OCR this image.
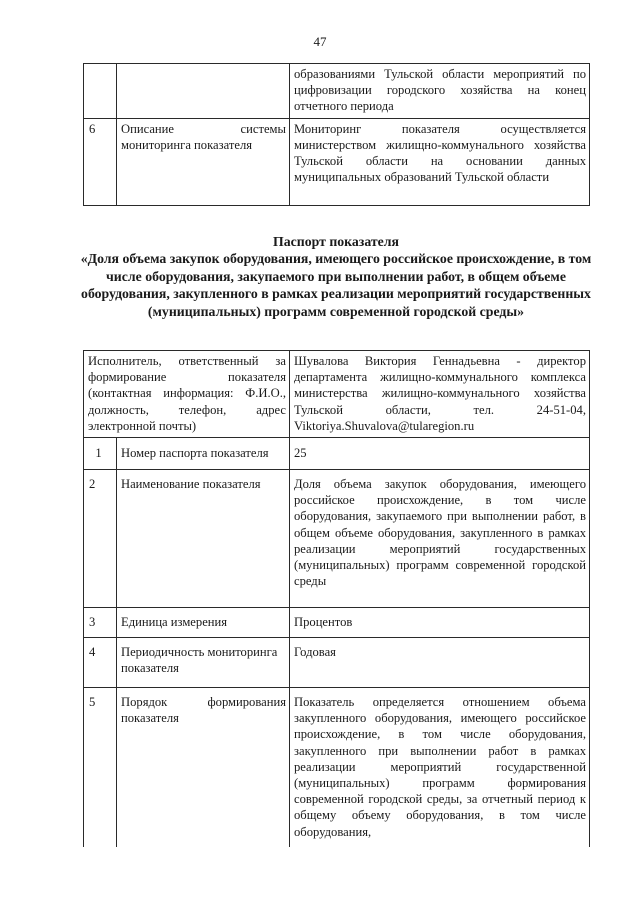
47
		образованиями Тульской области мероприятий по цифровизации городского хозяйства на конец отчетного периода
6	Описание системы мониторинга показателя	Мониторинг показателя осуществляется министерством жилищно-коммунального хозяйства Тульской области на основании данных муниципальных образований Тульской области
Паспорт показателя
«Доля объема закупок оборудования, имеющего российское происхождение, в том числе оборудования, закупаемого при выполнении работ, в общем объеме оборудования, закупленного в рамках реализации мероприятий государственных (муниципальных) программ современной городской среды»
Исполнитель, ответственный за формирование показателя (контактная информация: Ф.И.О., должность, телефон, адрес электронной почты)		Шувалова Виктория Геннадьевна - директор департамента жилищно-коммунального комплекса министерства жилищно-коммунального хозяйства Тульской области, тел. 24-51-04, Viktoriya.Shuvalova@tularegion.ru
1	Номер паспорта показателя	25
2	Наименование показателя	Доля объема закупок оборудования, имеющего российское происхождение, в том числе оборудования, закупаемого при выполнении работ, в общем объеме оборудования, закупленного в рамках реализации мероприятий государственных (муниципальных) программ современной городской среды
3	Единица измерения	Процентов
4	Периодичность мониторинга показателя	Годовая
5	Порядок формирования показателя	Показатель определяется отношением объема закупленного оборудования, имеющего российское происхождение, в том числе оборудования, закупленного при выполнении работ в рамках реализации мероприятий государственной (муниципальных) программ формирования современной городской среды, за отчетный период к общему объему оборудования, в том числе оборудования,
